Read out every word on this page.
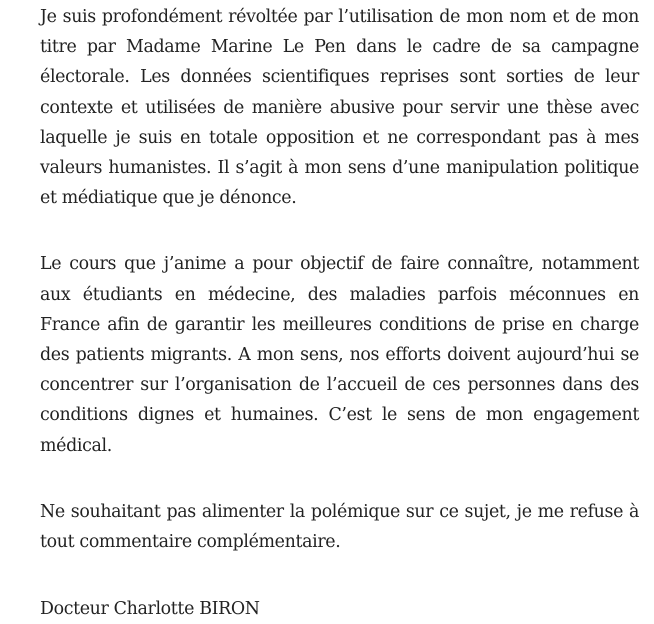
Je suis profondément révoltée par l’utilisation de mon nom et de mon titre par Madame Marine Le Pen dans le cadre de sa campagne électorale. Les données scientifiques reprises sont sorties de leur contexte et utilisées de manière abusive pour servir une thèse avec laquelle je suis en totale opposition et ne correspondant pas à mes valeurs humanistes. Il s’agit à mon sens d’une manipulation politique et médiatique que je dénonce.

Le cours que j’anime a pour objectif de faire connaître, notamment aux étudiants en médecine, des maladies parfois méconnues en France afin de garantir les meilleures conditions de prise en charge des patients migrants. A mon sens, nos efforts doivent aujourd’hui se concentrer sur l’organisation de l’accueil de ces personnes dans des conditions dignes et humaines. C’est le sens de mon engagement médical.

Ne souhaitant pas alimenter la polémique sur ce sujet, je me refuse à tout commentaire complémentaire.

Docteur Charlotte BIRON
